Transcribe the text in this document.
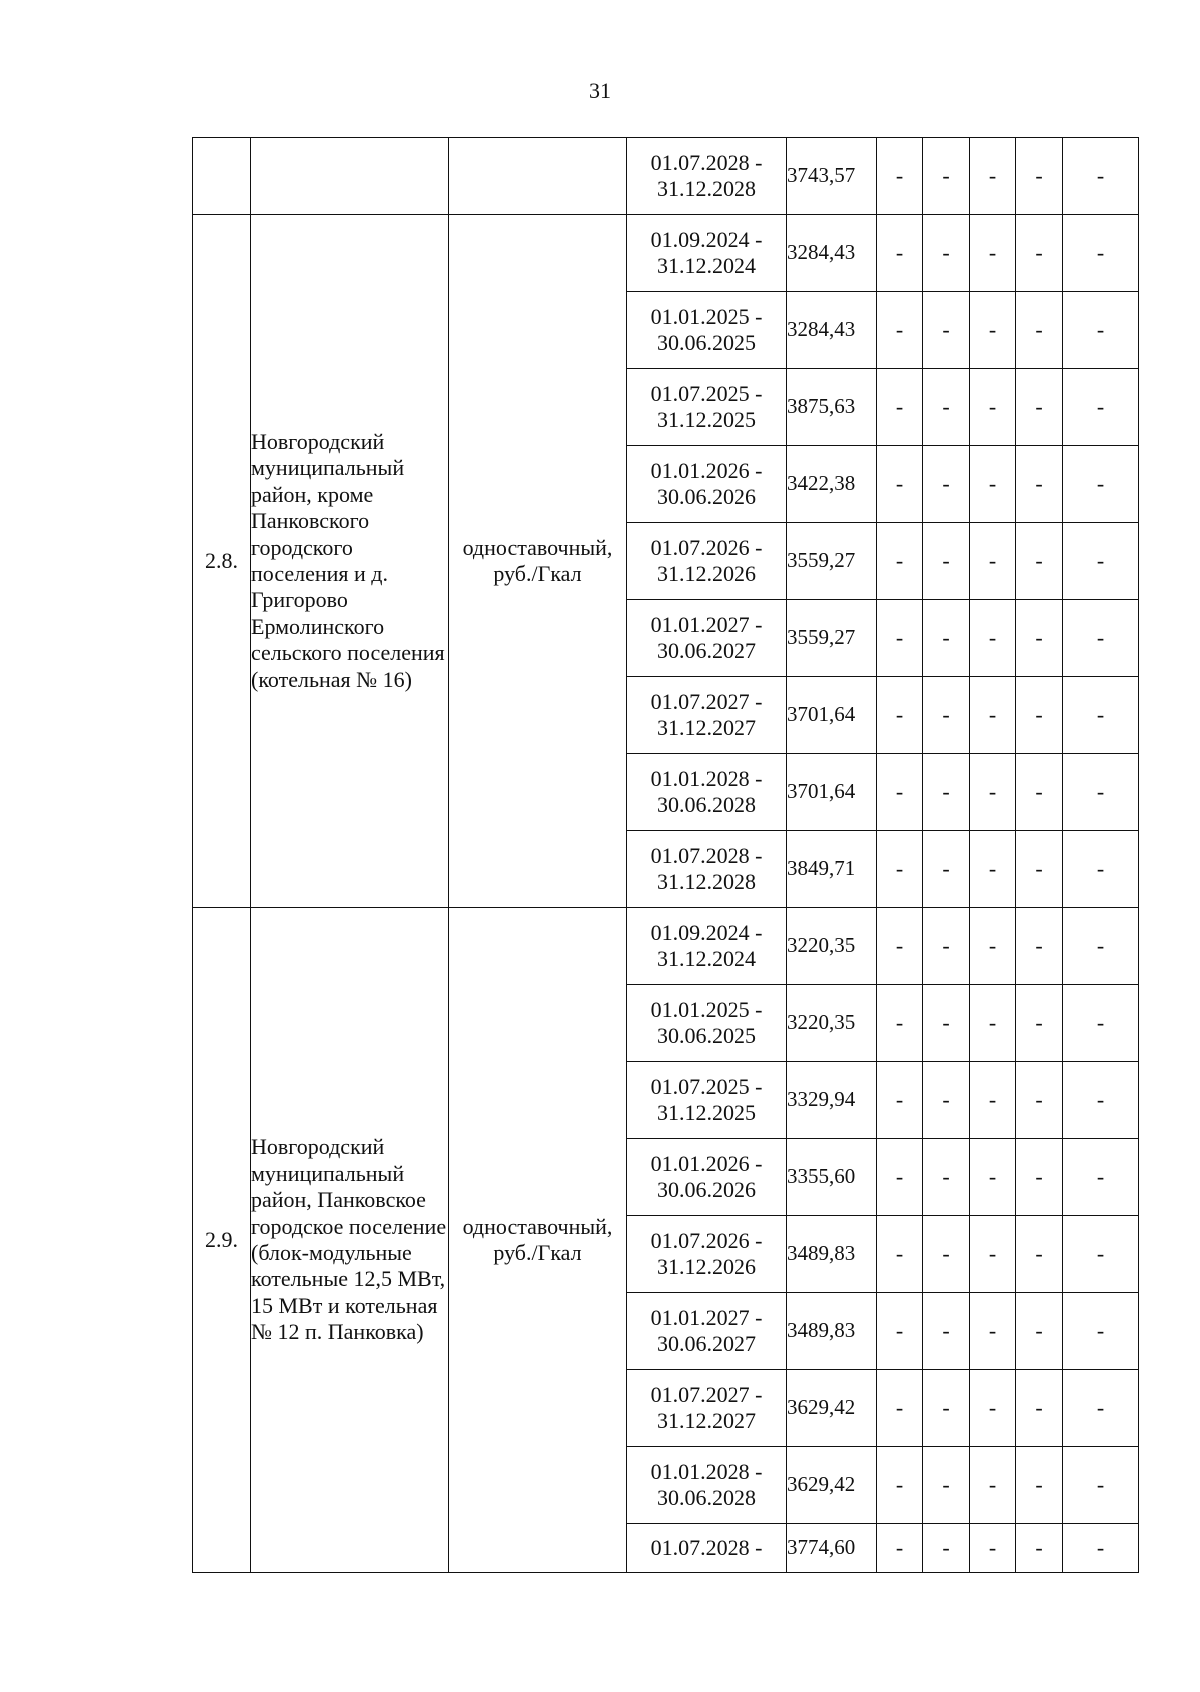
31
			01.07.2028 - 31.12.2028	3743,57	-	-	-	-	-
2.8.	Новгородский муниципальный район, кроме Панковского городского поселения и д. Григорово Ермолинского сельского поселения (котельная № 16)	одноставочный, руб./Гкал	01.09.2024 - 31.12.2024	3284,43	-	-	-	-	-
			01.01.2025 - 30.06.2025	3284,43	-	-	-	-	-
			01.07.2025 - 31.12.2025	3875,63	-	-	-	-	-
			01.01.2026 - 30.06.2026	3422,38	-	-	-	-	-
			01.07.2026 - 31.12.2026	3559,27	-	-	-	-	-
			01.01.2027 - 30.06.2027	3559,27	-	-	-	-	-
			01.07.2027 - 31.12.2027	3701,64	-	-	-	-	-
			01.01.2028 - 30.06.2028	3701,64	-	-	-	-	-
			01.07.2028 - 31.12.2028	3849,71	-	-	-	-	-
2.9.	Новгородский муниципальный район, Панковское городское поселение (блок-модульные котельные 12,5 МВт, 15 МВт и котельная № 12 п. Панковка)	одноставочный, руб./Гкал	01.09.2024 - 31.12.2024	3220,35	-	-	-	-	-
			01.01.2025 - 30.06.2025	3220,35	-	-	-	-	-
			01.07.2025 - 31.12.2025	3329,94	-	-	-	-	-
			01.01.2026 - 30.06.2026	3355,60	-	-	-	-	-
			01.07.2026 - 31.12.2026	3489,83	-	-	-	-	-
			01.01.2027 - 30.06.2027	3489,83	-	-	-	-	-
			01.07.2027 - 31.12.2027	3629,42	-	-	-	-	-
			01.01.2028 - 30.06.2028	3629,42	-	-	-	-	-
			01.07.2028 -	3774,60	-	-	-	-	-
